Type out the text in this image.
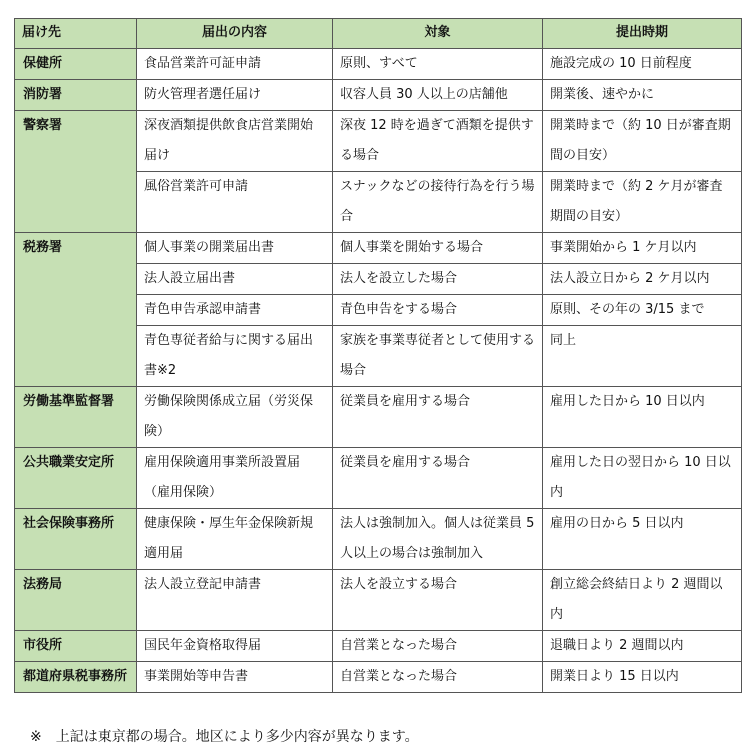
届け先	届出の内容	対象	提出時期
保健所	食品営業許可証申請	原則、すべて	施設完成の 10 日前程度
消防署	防火管理者選任届け	収容人員 30 人以上の店舗他	開業後、速やかに
警察署	深夜酒類提供飲食店営業開始届け	深夜 12 時を過ぎて酒類を提供する場合	開業時まで（約 10 日が審査期間の目安）
	風俗営業許可申請	スナックなどの接待行為を行う場合	開業時まで（約 2 ケ月が審査期間の目安）
税務署	個人事業の開業届出書	個人事業を開始する場合	事業開始から 1 ケ月以内
	法人設立届出書	法人を設立した場合	法人設立日から 2 ケ月以内
	青色申告承認申請書	青色申告をする場合	原則、その年の 3/15 まで
	青色専従者給与に関する届出書※2	家族を事業専従者として使用する場合	同上
労働基準監督署	労働保険関係成立届（労災保険）	従業員を雇用する場合	雇用した日から 10 日以内
公共職業安定所	雇用保険適用事業所設置届（雇用保険）	従業員を雇用する場合	雇用した日の翌日から 10 日以内
社会保険事務所	健康保険・厚生年金保険新規適用届	法人は強制加入。個人は従業員 5 人以上の場合は強制加入	雇用の日から 5 日以内
法務局	法人設立登記申請書	法人を設立する場合	創立総会終結日より 2 週間以内
市役所	国民年金資格取得届	自営業となった場合	退職日より 2 週間以内
都道府県税事務所	事業開始等申告書	自営業となった場合	開業日より 15 日以内
※　上記は東京都の場合。地区により多少内容が異なります。
